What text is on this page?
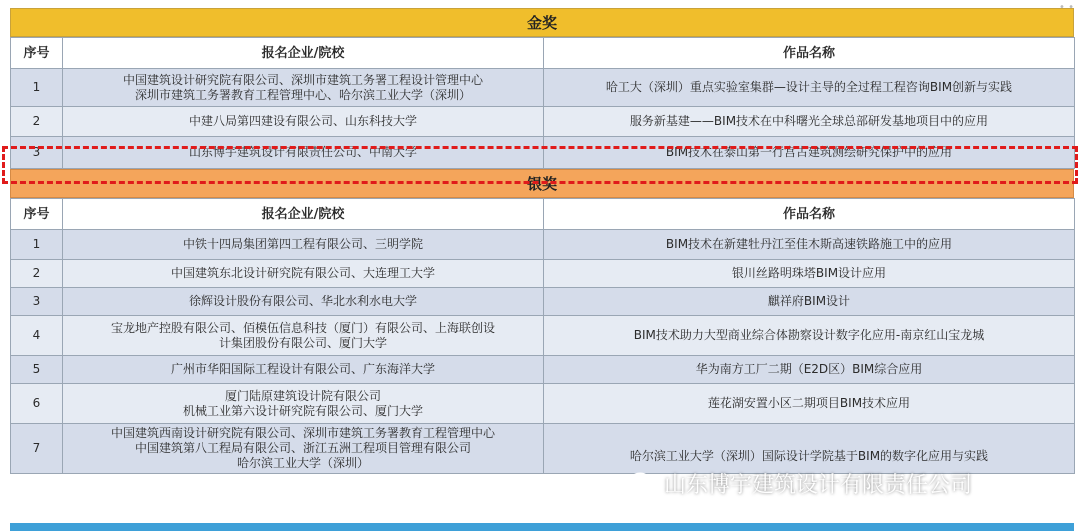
金奖
序号	报名企业/院校	作品名称
1	中国建筑设计研究院有限公司、深圳市建筑工务署工程设计管理中心
深圳市建筑工务署教育工程管理中心、哈尔滨工业大学（深圳）	哈工大（深圳）重点实验室集群—设计主导的全过程工程咨询BIM创新与实践

2	中建八局第四建设有限公司、山东科技大学	服务新基建——BIM技术在中科曙光全球总部研发基地项目中的应用

3	山东博宇建筑设计有限责任公司、中南大学	BIM技术在泰山第一行宫古建筑测绘研究保护中的应用
银奖
序号	报名企业/院校	作品名称
1	中铁十四局集团第四工程有限公司、三明学院	BIM技术在新建牡丹江至佳木斯高速铁路施工中的应用

2	中国建筑东北设计研究院有限公司、大连理工大学	银川丝路明珠塔BIM设计应用

3	徐辉设计股份有限公司、华北水利水电大学	麒祥府BIM设计

4	宝龙地产控股有限公司、佰模伍信息科技（厦门）有限公司、上海联创设
计集团股份有限公司、厦门大学	BIM技术助力大型商业综合体勘察设计数字化应用-南京红山宝龙城

5	广州市华阳国际工程设计有限公司、广东海洋大学	华为南方工厂二期（E2D区）BIM综合应用

6	厦门陆原建筑设计院有限公司
机械工业第六设计研究院有限公司、厦门大学	莲花湖安置小区二期项目BIM技术应用

7	中国建筑西南设计研究院有限公司、深圳市建筑工务署教育工程管理中心
中国建筑第八工程局有限公司、浙江五洲工程项目管理有限公司
哈尔滨工业大学（深圳）	哈尔滨工业大学（深圳）国际设计学院基于BIM的数字化应用与实践
山东博宇建筑设计有限责任公司
